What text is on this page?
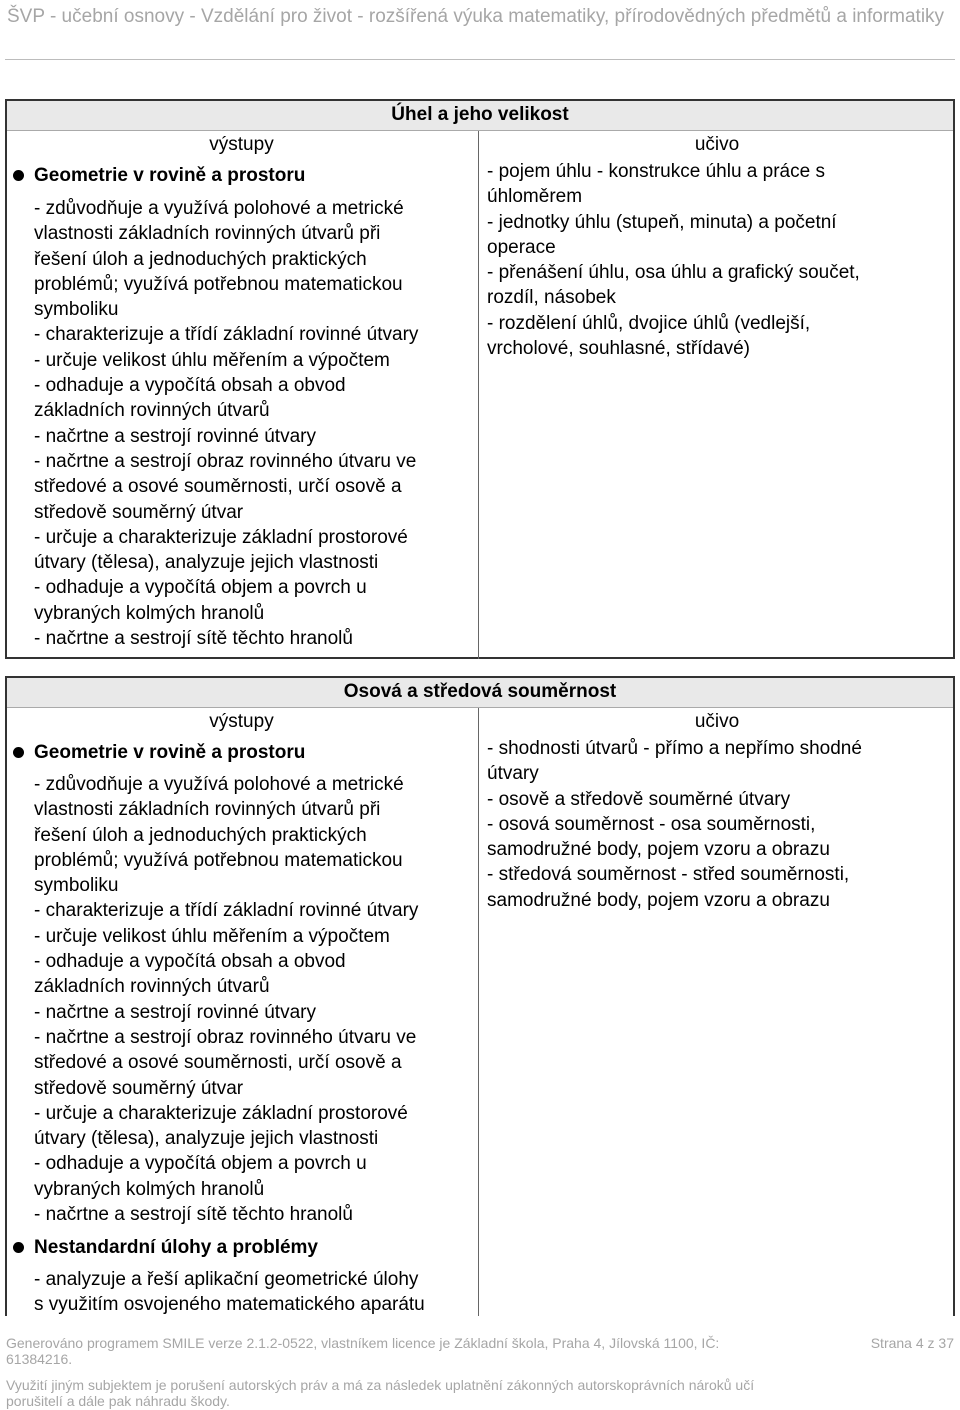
ŠVP - učební osnovy - Vzdělání pro život - rozšířená výuka matematiky, přírodovědných předmětů a informatiky
Úhel a jeho velikost
výstupy	učivo
Geometrie v rovině a prostoru
- zdůvodňuje a využívá polohové a metrické
vlastnosti základních rovinných útvarů při
řešení úloh a jednoduchých praktických
problémů; využívá potřebnou matematickou
symboliku
- charakterizuje a třídí základní rovinné útvary
- určuje velikost úhlu měřením a výpočtem
- odhaduje a vypočítá obsah a obvod
základních rovinných útvarů
- načrtne a sestrojí rovinné útvary
- načrtne a sestrojí obraz rovinného útvaru ve
středové a osové souměrnosti, určí osově a
středově souměrný útvar
- určuje a charakterizuje základní prostorové
útvary (tělesa), analyzuje jejich vlastnosti
- odhaduje a vypočítá objem a povrch u
vybraných kolmých hranolů
- načrtne a sestrojí sítě těchto hranolů
- pojem úhlu - konstrukce úhlu a práce s
úhloměrem
- jednotky úhlu (stupeň, minuta) a početní
operace
- přenášení úhlu, osa úhlu a grafický součet,
rozdíl, násobek
- rozdělení úhlů, dvojice úhlů (vedlejší,
vrcholové, souhlasné, střídavé)
Osová a středová souměrnost
výstupy	učivo
Geometrie v rovině a prostoru
- zdůvodňuje a využívá polohové a metrické
vlastnosti základních rovinných útvarů při
řešení úloh a jednoduchých praktických
problémů; využívá potřebnou matematickou
symboliku
- charakterizuje a třídí základní rovinné útvary
- určuje velikost úhlu měřením a výpočtem
- odhaduje a vypočítá obsah a obvod
základních rovinných útvarů
- načrtne a sestrojí rovinné útvary
- načrtne a sestrojí obraz rovinného útvaru ve
středové a osové souměrnosti, určí osově a
středově souměrný útvar
- určuje a charakterizuje základní prostorové
útvary (tělesa), analyzuje jejich vlastnosti
- odhaduje a vypočítá objem a povrch u
vybraných kolmých hranolů
- načrtne a sestrojí sítě těchto hranolů
Nestandardní úlohy a problémy
- analyzuje a řeší aplikační geometrické úlohy
s využitím osvojeného matematického aparátu
- shodnosti útvarů - přímo a nepřímo shodné
útvary
- osově a středově souměrné útvary
- osová souměrnost - osa souměrnosti,
samodružné body, pojem vzoru a obrazu
- středová souměrnost - střed souměrnosti,
samodružné body, pojem vzoru a obrazu
Generováno programem SMILE verze 2.1.2-0522, vlastníkem licence je Základní škola, Praha 4, Jílovská 1100, IČ:
61384216.
Strana 4 z 37
Využití jiným subjektem je porušení autorských práv a má za následek uplatnění zákonných autorskoprávních nároků učí
porušitelí a dále pak náhradu škody.
